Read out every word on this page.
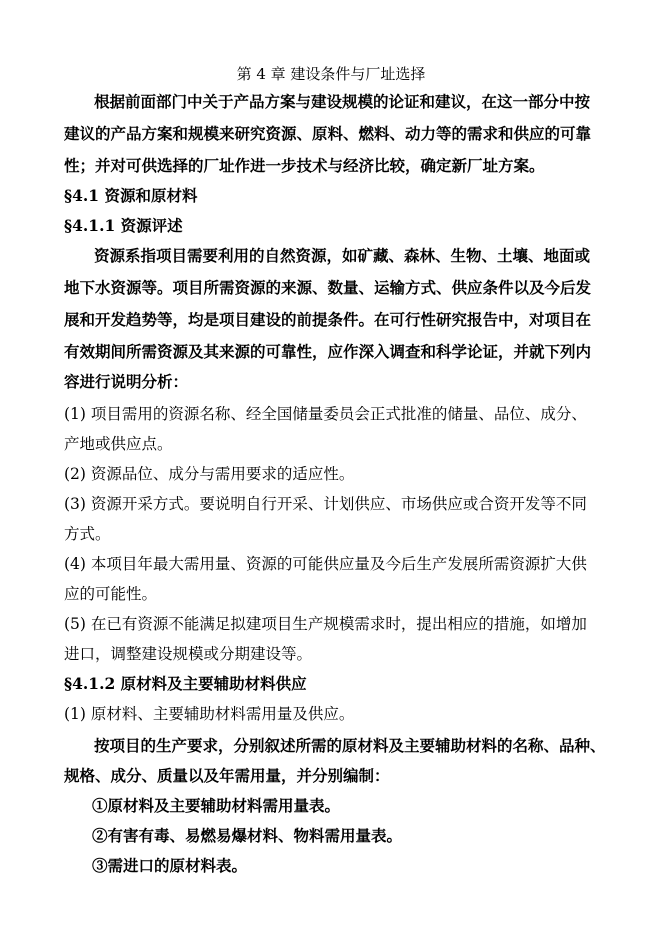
第 4 章 建设条件与厂址选择
根据前面部门中关于产品方案与建设规模的论证和建议，在这一部分中按
建议的产品方案和规模来研究资源、原料、燃料、动力等的需求和供应的可靠
性；并对可供选择的厂址作进一步技术与经济比较，确定新厂址方案。
§4.1 资源和原材料
§4.1.1 资源评述
资源系指项目需要利用的自然资源，如矿藏、森林、生物、土壤、地面或
地下水资源等。项目所需资源的来源、数量、运输方式、供应条件以及今后发
展和开发趋势等，均是项目建设的前提条件。在可行性研究报告中，对项目在
有效期间所需资源及其来源的可靠性，应作深入调查和科学论证，并就下列内
容进行说明分析：
(1) 项目需用的资源名称、经全国储量委员会正式批准的储量、品位、成分、
产地或供应点。
(2) 资源品位、成分与需用要求的适应性。
(3) 资源开采方式。要说明自行开采、计划供应、市场供应或合资开发等不同
方式。
(4) 本项目年最大需用量、资源的可能供应量及今后生产发展所需资源扩大供
应的可能性。
(5) 在已有资源不能满足拟建项目生产规模需求时，提出相应的措施，如增加
进口，调整建设规模或分期建设等。
§4.1.2 原材料及主要辅助材料供应
(1) 原材料、主要辅助材料需用量及供应。
按项目的生产要求，分别叙述所需的原材料及主要辅助材料的名称、品种、
规格、成分、质量以及年需用量，并分别编制：
①原材料及主要辅助材料需用量表。
②有害有毒、易燃易爆材料、物料需用量表。
③需进口的原材料表。
